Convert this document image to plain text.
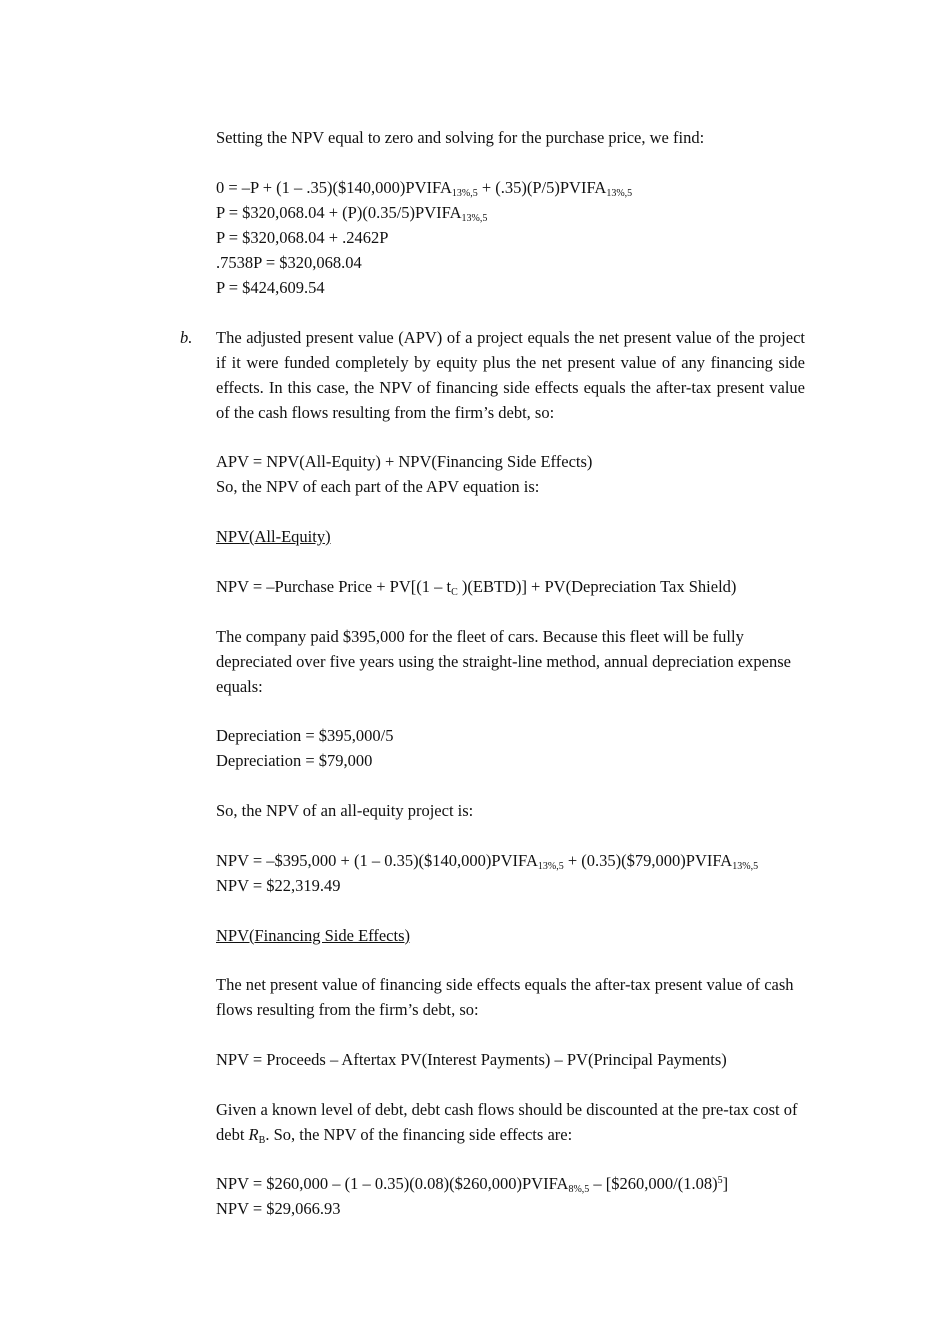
Setting the NPV equal to zero and solving for the purchase price, we find:
$0 = -P + (1 - .35)(\$140,000)PVIFA_{13\%,5}$ + $(.35)(P/5)PVIFA_{13\%,5}$
P = $320,068.04 + $(P)(0.35/5)PVIFA_{13\%,5}$
P = $320,068.04 + .2462P
.7538P = $320,068.04
P = $424,609.54
b. The adjusted present value (APV) of a project equals the net present value of the project if it were funded completely by equity plus the net present value of any financing side effects. In this case, the NPV of financing side effects equals the after-tax present value of the cash flows resulting from the firm’s debt, so:
APV = NPV(All-Equity) + NPV(Financing Side Effects)
So, the NPV of each part of the APV equation is:
NPV(All-Equity)
NPV = –Purchase Price + $PV[(1 - t_C$ )(EBTD)] + PV(Depreciation Tax Shield)
The company paid $395,000 for the fleet of cars. Because this fleet will be fully depreciated over five years using the straight-line method, annual depreciation expense equals:
Depreciation = $395,000/5
Depreciation = $79,000
So, the NPV of an all-equity project is:
NPV = –$395,000 + $(1 - 0.35)(\$140,000)PVIFA_{13\%,5}$ + $(0.35)(\$79,000)PVIFA_{13\%,5}$
NPV = $22,319.49
NPV(Financing Side Effects)
The net present value of financing side effects equals the after-tax present value of cash flows resulting from the firm’s debt, so:
NPV = Proceeds – Aftertax PV(Interest Payments) – PV(Principal Payments)
Given a known level of debt, debt cash flows should be discounted at the pre-tax cost of debt $R_B$. So, the NPV of the financing side effects are:
NPV = $260,000 – $(1 - 0.35)(0.08)(\$260,000)PVIFA_{8\%,5}$ – $[\$260,000/(1.08)^5]$
NPV = $29,066.93
